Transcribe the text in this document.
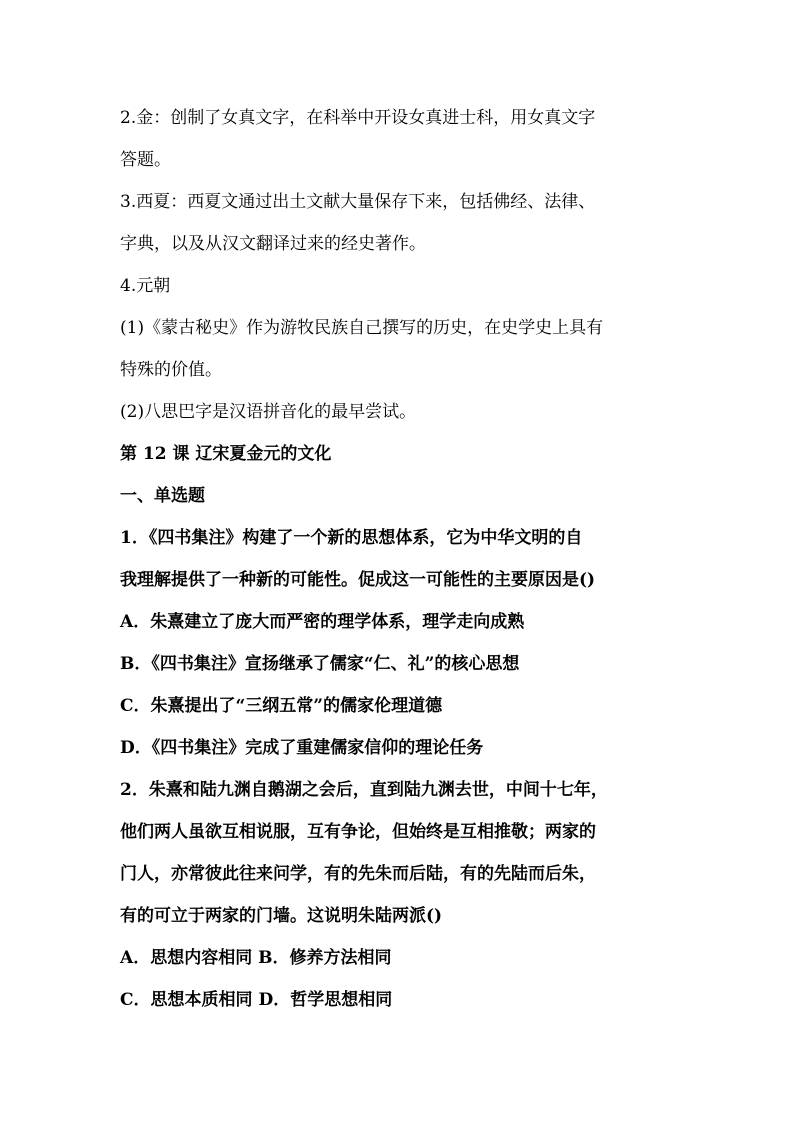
2.金：创制了女真文字，在科举中开设女真进士科，用女真文字
答题。
3.西夏：西夏文通过出土文献大量保存下来，包括佛经、法律、
字典，以及从汉文翻译过来的经史著作。
4.元朝
(1)《蒙古秘史》作为游牧民族自己撰写的历史，在史学史上具有
特殊的价值。
(2)八思巴字是汉语拼音化的最早尝试。
第 12 课 辽宋夏金元的文化
一、单选题
1．《四书集注》构建了一个新的思想体系，它为中华文明的自
我理解提供了一种新的可能性。促成这一可能性的主要原因是()
A．朱熹建立了庞大而严密的理学体系，理学走向成熟
B．《四书集注》宣扬继承了儒家“仁、礼”的核心思想
C．朱熹提出了“三纲五常”的儒家伦理道德
D．《四书集注》完成了重建儒家信仰的理论任务
2．朱熹和陆九渊自鹅湖之会后，直到陆九渊去世，中间十七年，
他们两人虽欲互相说服，互有争论，但始终是互相推敬；两家的
门人，亦常彼此往来问学，有的先朱而后陆，有的先陆而后朱，
有的可立于两家的门墙。这说明朱陆两派()
A．思想内容相同 B．修养方法相同
C．思想本质相同 D．哲学思想相同
